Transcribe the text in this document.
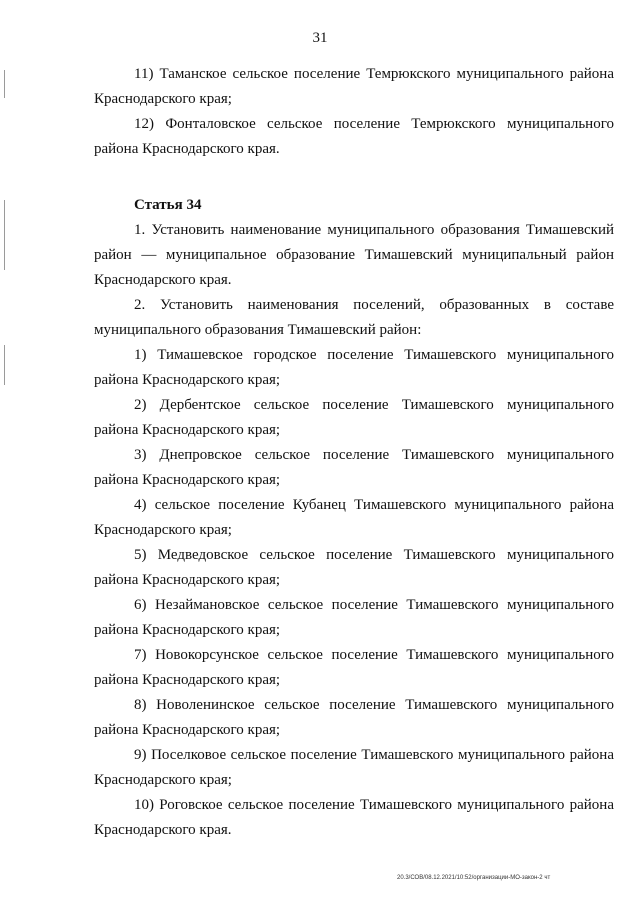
31

11) Таманское сельское поселение Темрюкского муниципального района Краснодарского края;

12) Фонталовское сельское поселение Темрюкского муниципального района Краснодарского края.

Статья 34

1. Установить наименование муниципального образования Тимашевский район — муниципальное образование Тимашевский муниципальный район Краснодарского края.

2. Установить наименования поселений, образованных в составе муниципального образования Тимашевский район:

1) Тимашевское городское поселение Тимашевского муниципального района Краснодарского края;

2) Дербентское сельское поселение Тимашевского муниципального района Краснодарского края;

3) Днепровское сельское поселение Тимашевского муниципального района Краснодарского края;

4) сельское поселение Кубанец Тимашевского муниципального района Краснодарского края;

5) Медведовское сельское поселение Тимашевского муниципального района Краснодарского края;

6) Незаймановское сельское поселение Тимашевского муниципального района Краснодарского края;

7) Новокорсунское сельское поселение Тимашевского муниципального района Краснодарского края;

8) Новоленинское сельское поселение Тимашевского муниципального района Краснодарского края;

9) Поселковое сельское поселение Тимашевского муниципального района Краснодарского края;

10) Роговское сельское поселение Тимашевского муниципального района Краснодарского края.

20.3/СОВ/08.12.2021/10:52/организации-МО-закон-2 чт
